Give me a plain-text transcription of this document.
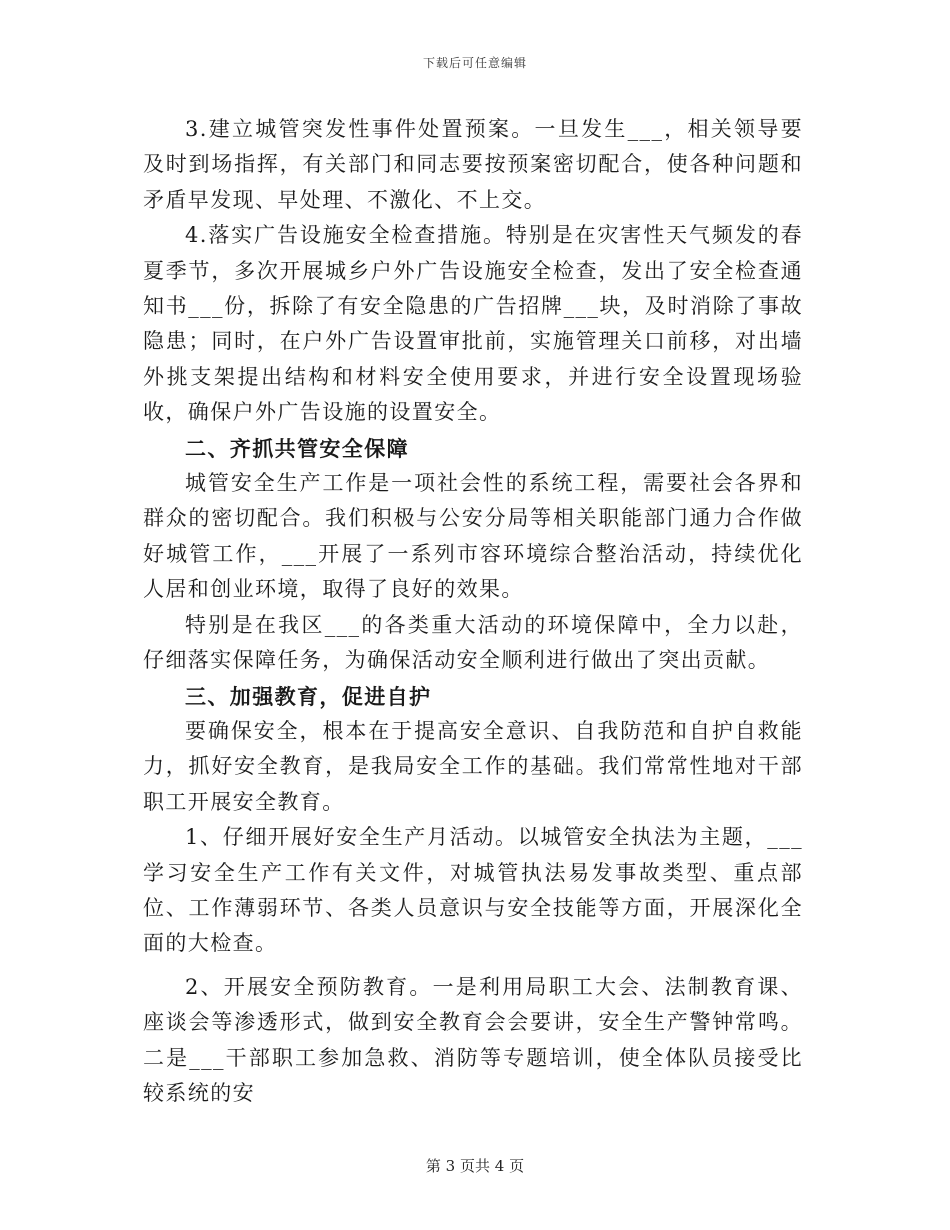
下载后可任意编辑

3.建立城管突发性事件处置预案。一旦发生___，相关领导要及时到场指挥，有关部门和同志要按预案密切配合，使各种问题和矛盾早发现、早处理、不激化、不上交。

4.落实广告设施安全检查措施。特别是在灾害性天气频发的春夏季节，多次开展城乡户外广告设施安全检查，发出了安全检查通知书___份，拆除了有安全隐患的广告招牌___块，及时消除了事故隐患；同时，在户外广告设置审批前，实施管理关口前移，对出墙外挑支架提出结构和材料安全使用要求，并进行安全设置现场验收，确保户外广告设施的设置安全。

二、齐抓共管安全保障

城管安全生产工作是一项社会性的系统工程，需要社会各界和群众的密切配合。我们积极与公安分局等相关职能部门通力合作做好城管工作，___开展了一系列市容环境综合整治活动，持续优化人居和创业环境，取得了良好的效果。

特别是在我区___的各类重大活动的环境保障中，全力以赴，仔细落实保障任务，为确保活动安全顺利进行做出了突出贡献。

三、加强教育，促进自护

要确保安全，根本在于提高安全意识、自我防范和自护自救能力，抓好安全教育，是我局安全工作的基础。我们常常性地对干部职工开展安全教育。

1、仔细开展好安全生产月活动。以城管安全执法为主题，___学习安全生产工作有关文件，对城管执法易发事故类型、重点部位、工作薄弱环节、各类人员意识与安全技能等方面，开展深化全面的大检查。

2、开展安全预防教育。一是利用局职工大会、法制教育课、座谈会等渗透形式，做到安全教育会会要讲，安全生产警钟常鸣。二是___干部职工参加急救、消防等专题培训，使全体队员接受比较系统的安

第 3 页共 4 页
